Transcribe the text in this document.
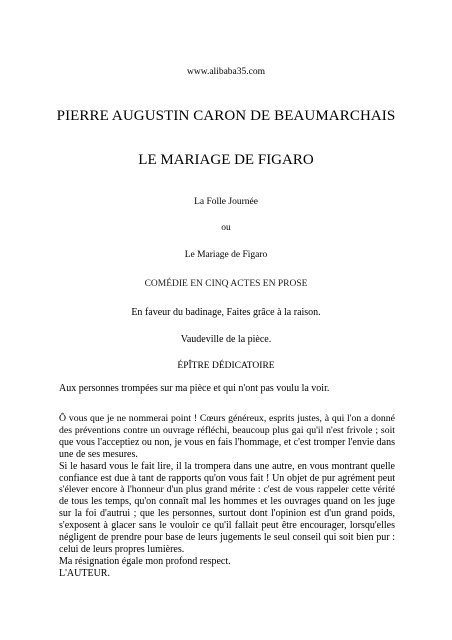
www.alibaba35.com
PIERRE AUGUSTIN CARON DE BEAUMARCHAIS
LE MARIAGE DE FIGARO
La Folle Journée
ou
Le Mariage de Figaro
COMÉDIE EN CINQ ACTES EN PROSE
En faveur du badinage, Faites grâce à la raison.
Vaudeville de la pièce.
ÉPÎTRE DÉDICATOIRE
Aux personnes trompées sur ma pièce et qui n'ont pas voulu la voir.
Ô vous que je ne nommerai point ! Cœurs généreux, esprits justes, à qui l'on a donné
des préventions contre un ouvrage réfléchi, beaucoup plus gai qu'il n'est frivole ; soit
que vous l'acceptiez ou non, je vous en fais l'hommage, et c'est tromper l'envie dans
une de ses mesures.
Si le hasard vous le fait lire, il la trompera dans une autre, en vous montrant quelle
confiance est due à tant de rapports qu'on vous fait ! Un objet de pur agrément peut
s'élever encore à l'honneur d'un plus grand mérite : c'est de vous rappeler cette vérité
de tous les temps, qu'on connaît mal les hommes et les ouvrages quand on les juge
sur la foi d'autrui ; que les personnes, surtout dont l'opinion est d'un grand poids,
s'exposent à glacer sans le vouloir ce qu'il fallait peut être encourager, lorsqu'elles
négligent de prendre pour base de leurs jugements le seul conseil qui soit bien pur :
celui de leurs propres lumières.
Ma résignation égale mon profond respect.
L'AUTEUR.
